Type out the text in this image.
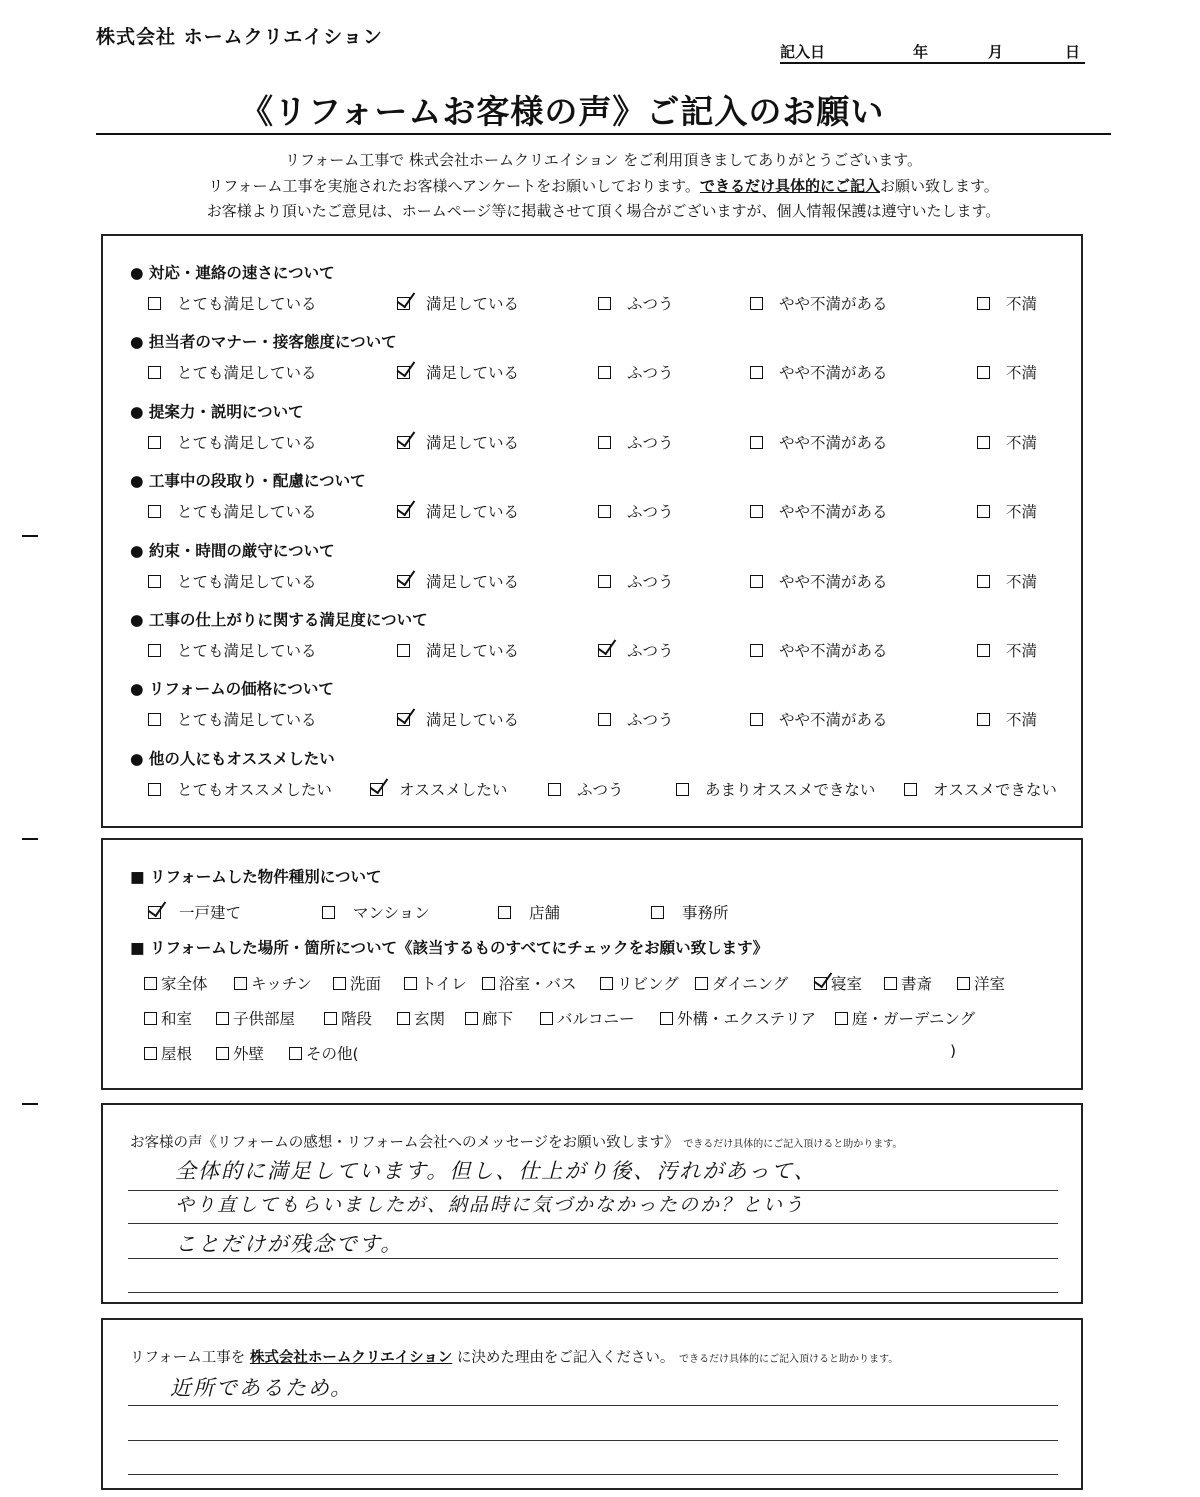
株式会社 ホームクリエイション
記入日	年	月	日
《リフォームお客様の声》ご記入のお願い
リフォーム工事で 株式会社ホームクリエイション をご利用頂きましてありがとうございます。
リフォーム工事を実施されたお客様へアンケートをお願いしております。できるだけ具体的にご記入お願い致します。
お客様より頂いたご意見は、ホームページ等に掲載させて頂く場合がございますが、個人情報保護は遵守いたします。
● 対応・連絡の速さについて
とても満足している	満足している	ふつう	やや不満がある	不満
● 担当者のマナー・接客態度について
とても満足している	満足している	ふつう	やや不満がある	不満
● 提案力・説明について
とても満足している	満足している	ふつう	やや不満がある	不満
● 工事中の段取り・配慮について
とても満足している	満足している	ふつう	やや不満がある	不満
● 約束・時間の厳守について
とても満足している	満足している	ふつう	やや不満がある	不満
● 工事の仕上がりに関する満足度について
とても満足している	満足している	ふつう	やや不満がある	不満
● リフォームの価格について
とても満足している	満足している	ふつう	やや不満がある	不満
● 他の人にもオススメしたい
とてもオススメしたい	オススメしたい	ふつう	あまりオススメできない	オススメできない
■ リフォームした物件種別について
一戸建て	マンション	店舗	事務所
■ リフォームした場所・箇所について《該当するものすべてにチェックをお願い致します》
家全体	キッチン	洗面	トイレ	浴室・バス	リビング	ダイニング	寝室	書斎	洋室
和室	子供部屋	階段	玄関	廊下	バルコニー	外構・エクステリア	庭・ガーデニング
屋根	外壁	その他(	)
お客様の声《リフォームの感想・リフォーム会社へのメッセージをお願い致します》 できるだけ具体的にご記入頂けると助かります。
全体的に満足しています。但し、仕上がり後、汚れがあって、
やり直してもらいましたが、納品時に気づかなかったのか？という
ことだけが残念です。
リフォーム工事を 株式会社ホームクリエイション に決めた理由をご記入ください。 できるだけ具体的にご記入頂けると助かります。
近所であるため。
